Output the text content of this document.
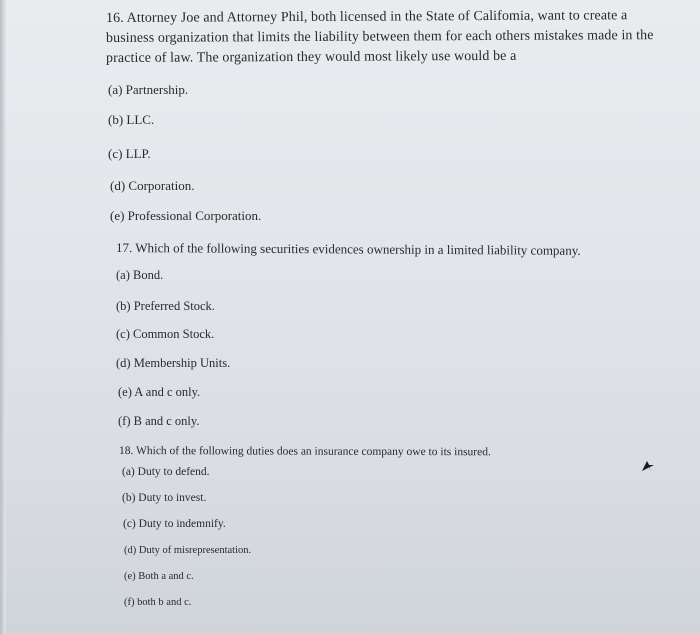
16. Attorney Joe and Attorney Phil, both licensed in the State of Califomia, want to create a
business organization that limits the liability between them for each others mistakes made in the
practice of law. The organization they would most likely use would be a
(a) Partnership.
(b) LLC.
(c) LLP.
(d) Corporation.
(e) Professional Corporation.
17. Which of the following securities evidences ownership in a limited liability company.
(a) Bond.
(b) Preferred Stock.
(c) Common Stock.
(d) Membership Units.
(e) A and c only.
(f) B and c only.
18. Which of the following duties does an insurance company owe to its insured.
(a) Duty to defend.
(b) Duty to invest.
(c) Duty to indemnify.
(d) Duty of misrepresentation.
(e) Both a and c.
(f) both b and c.
